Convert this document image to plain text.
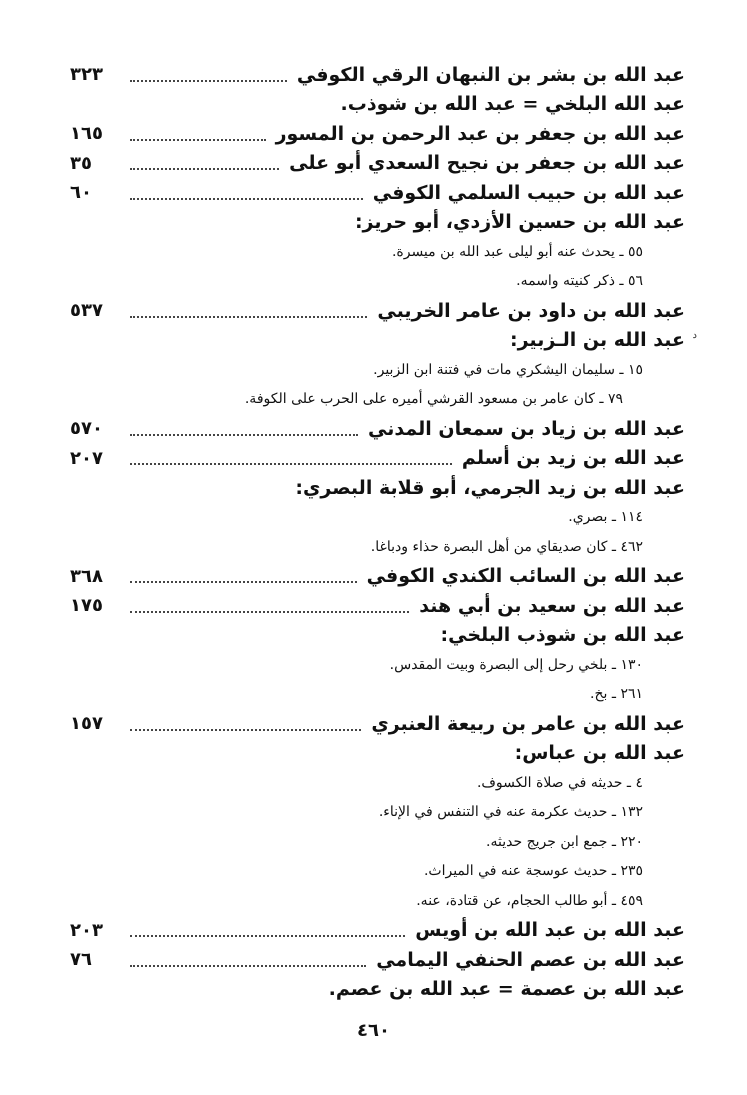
عبد الله بن بشر بن النبهان الرقي الكوفي
٣٢٣
عبد الله البلخي = عبد الله بن شوذب.
عبد الله بن جعفر بن عبد الرحمن بن المسور
١٦٥
عبد الله بن جعفر بن نجيح السعدي أبو على
٣٥
عبد الله بن حبيب السلمي الكوفي
٦٠
عبد الله بن حسين الأزدي، أبو حريز:
٥٥ ـ يحدث عنه أبو ليلى عبد الله بن ميسرة.
٥٦ ـ ذكر كنيته واسمه.
عبد الله بن داود بن عامر الخريبي
٥٣٧
عبد الله بن الـزبير: د
١٥ ـ سليمان اليشكري مات في فتنة ابن الزبير.
٧٩ ـ كان عامر بن مسعود القرشي أميره على الحرب على الكوفة.
عبد الله بن زياد بن سمعان المدني
٥٧٠
عبد الله بن زيد بن أسلم
٢٠٧
عبد الله بن زيد الجرمي، أبو قلابة البصري:
١١٤ ـ بصري.
٤٦٢ ـ كان صديقاي من أهل البصرة حذاء ودباغا.
عبد الله بن السائب الكندي الكوفي
٣٦٨
عبد الله بن سعيد بن أبي هند
١٧٥
عبد الله بن شوذب البلخي:
١٣٠ ـ بلخي رحل إلى البصرة وبيت المقدس.
٢٦١ ـ بخ.
عبد الله بن عامر بن ربيعة العنبري
١٥٧
عبد الله بن عباس:
٤ ـ حديثه في صلاة الكسوف.
١٣٢ ـ حديث عكرمة عنه في التنفس في الإناء.
٢٢٠ ـ جمع ابن جريج حديثه.
٢٣٥ ـ حديث عوسجة عنه في الميراث.
٤٥٩ ـ أبو طالب الحجام، عن قتادة، عنه.
عبد الله بن عبد الله بن أويس
٢٠٣
عبد الله بن عصم الحنفي اليمامي
٧٦
عبد الله بن عصمة = عبد الله بن عصم.
٤٦٠
